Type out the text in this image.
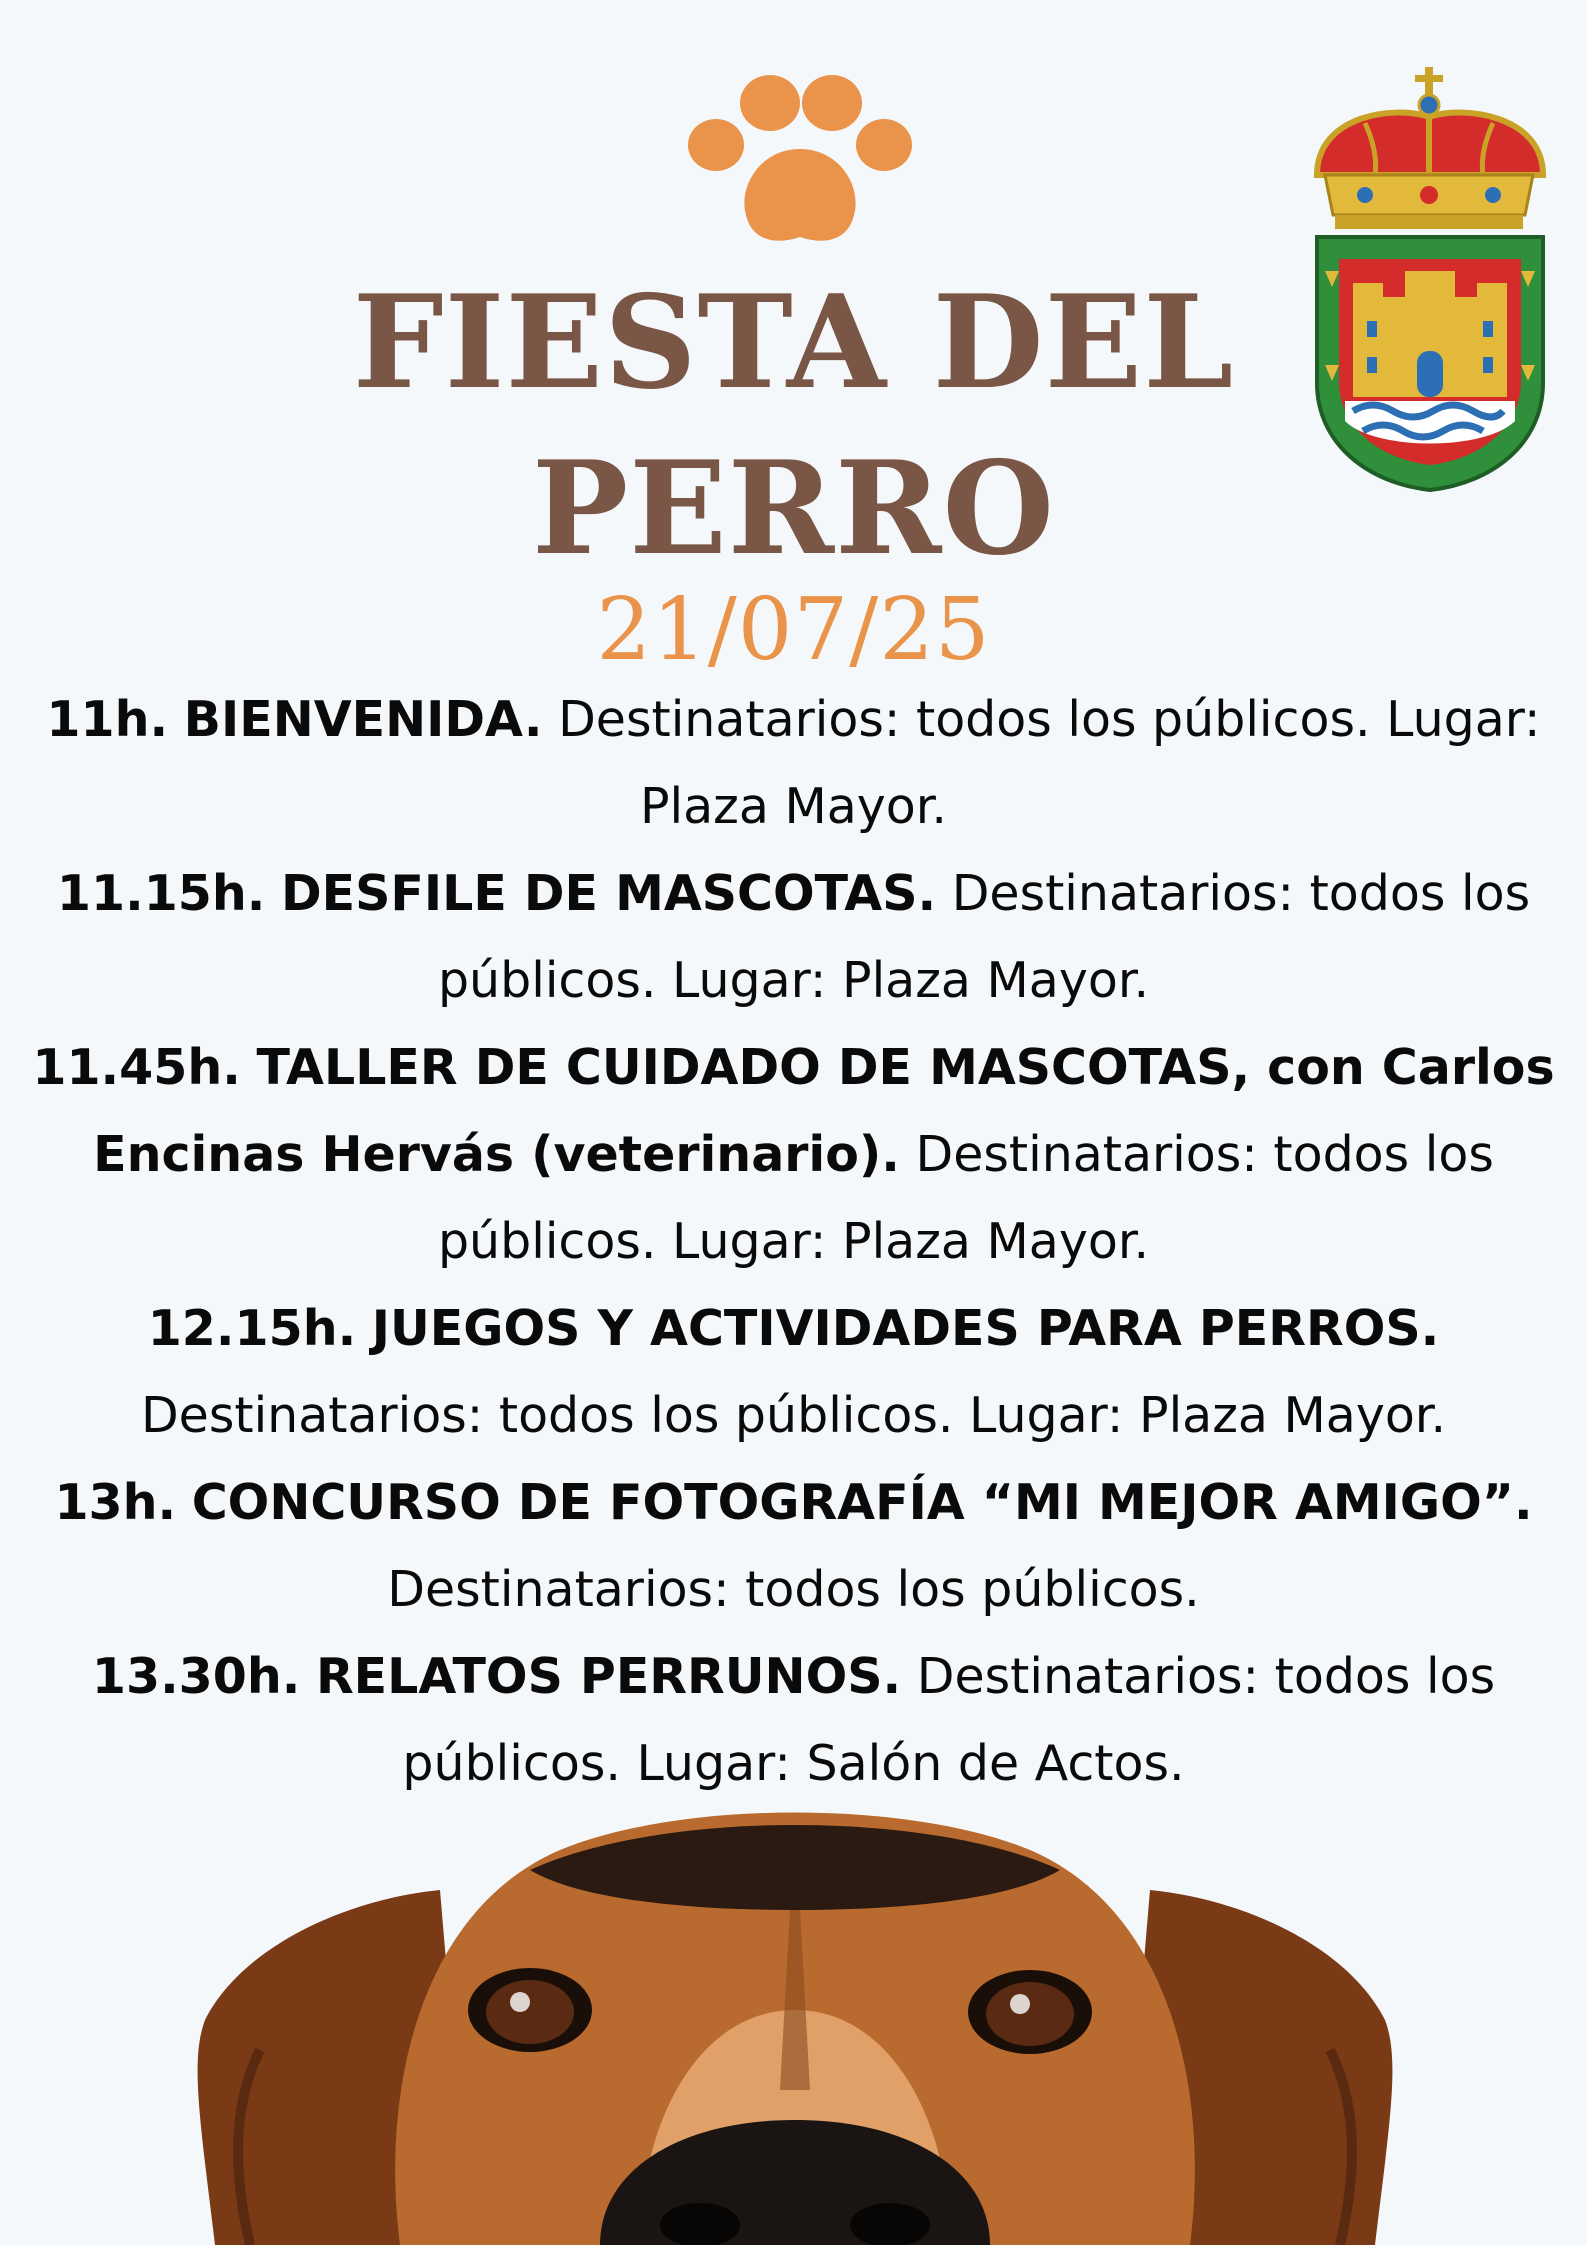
FIESTA DEL
PERRO
21/07/25

11h. BIENVENIDA. Destinatarios: todos los públicos. Lugar: Plaza Mayor.

11.15h. DESFILE DE MASCOTAS. Destinatarios: todos los públicos. Lugar: Plaza Mayor.

11.45h. TALLER DE CUIDADO DE MASCOTAS, con Carlos Encinas Hervás (veterinario). Destinatarios: todos los públicos. Lugar: Plaza Mayor.

12.15h. JUEGOS Y ACTIVIDADES PARA PERROS. Destinatarios: todos los públicos. Lugar: Plaza Mayor.

13h. CONCURSO DE FOTOGRAFÍA “MI MEJOR AMIGO”. Destinatarios: todos los públicos.

13.30h. RELATOS PERRUNOS. Destinatarios: todos los públicos. Lugar: Salón de Actos.
